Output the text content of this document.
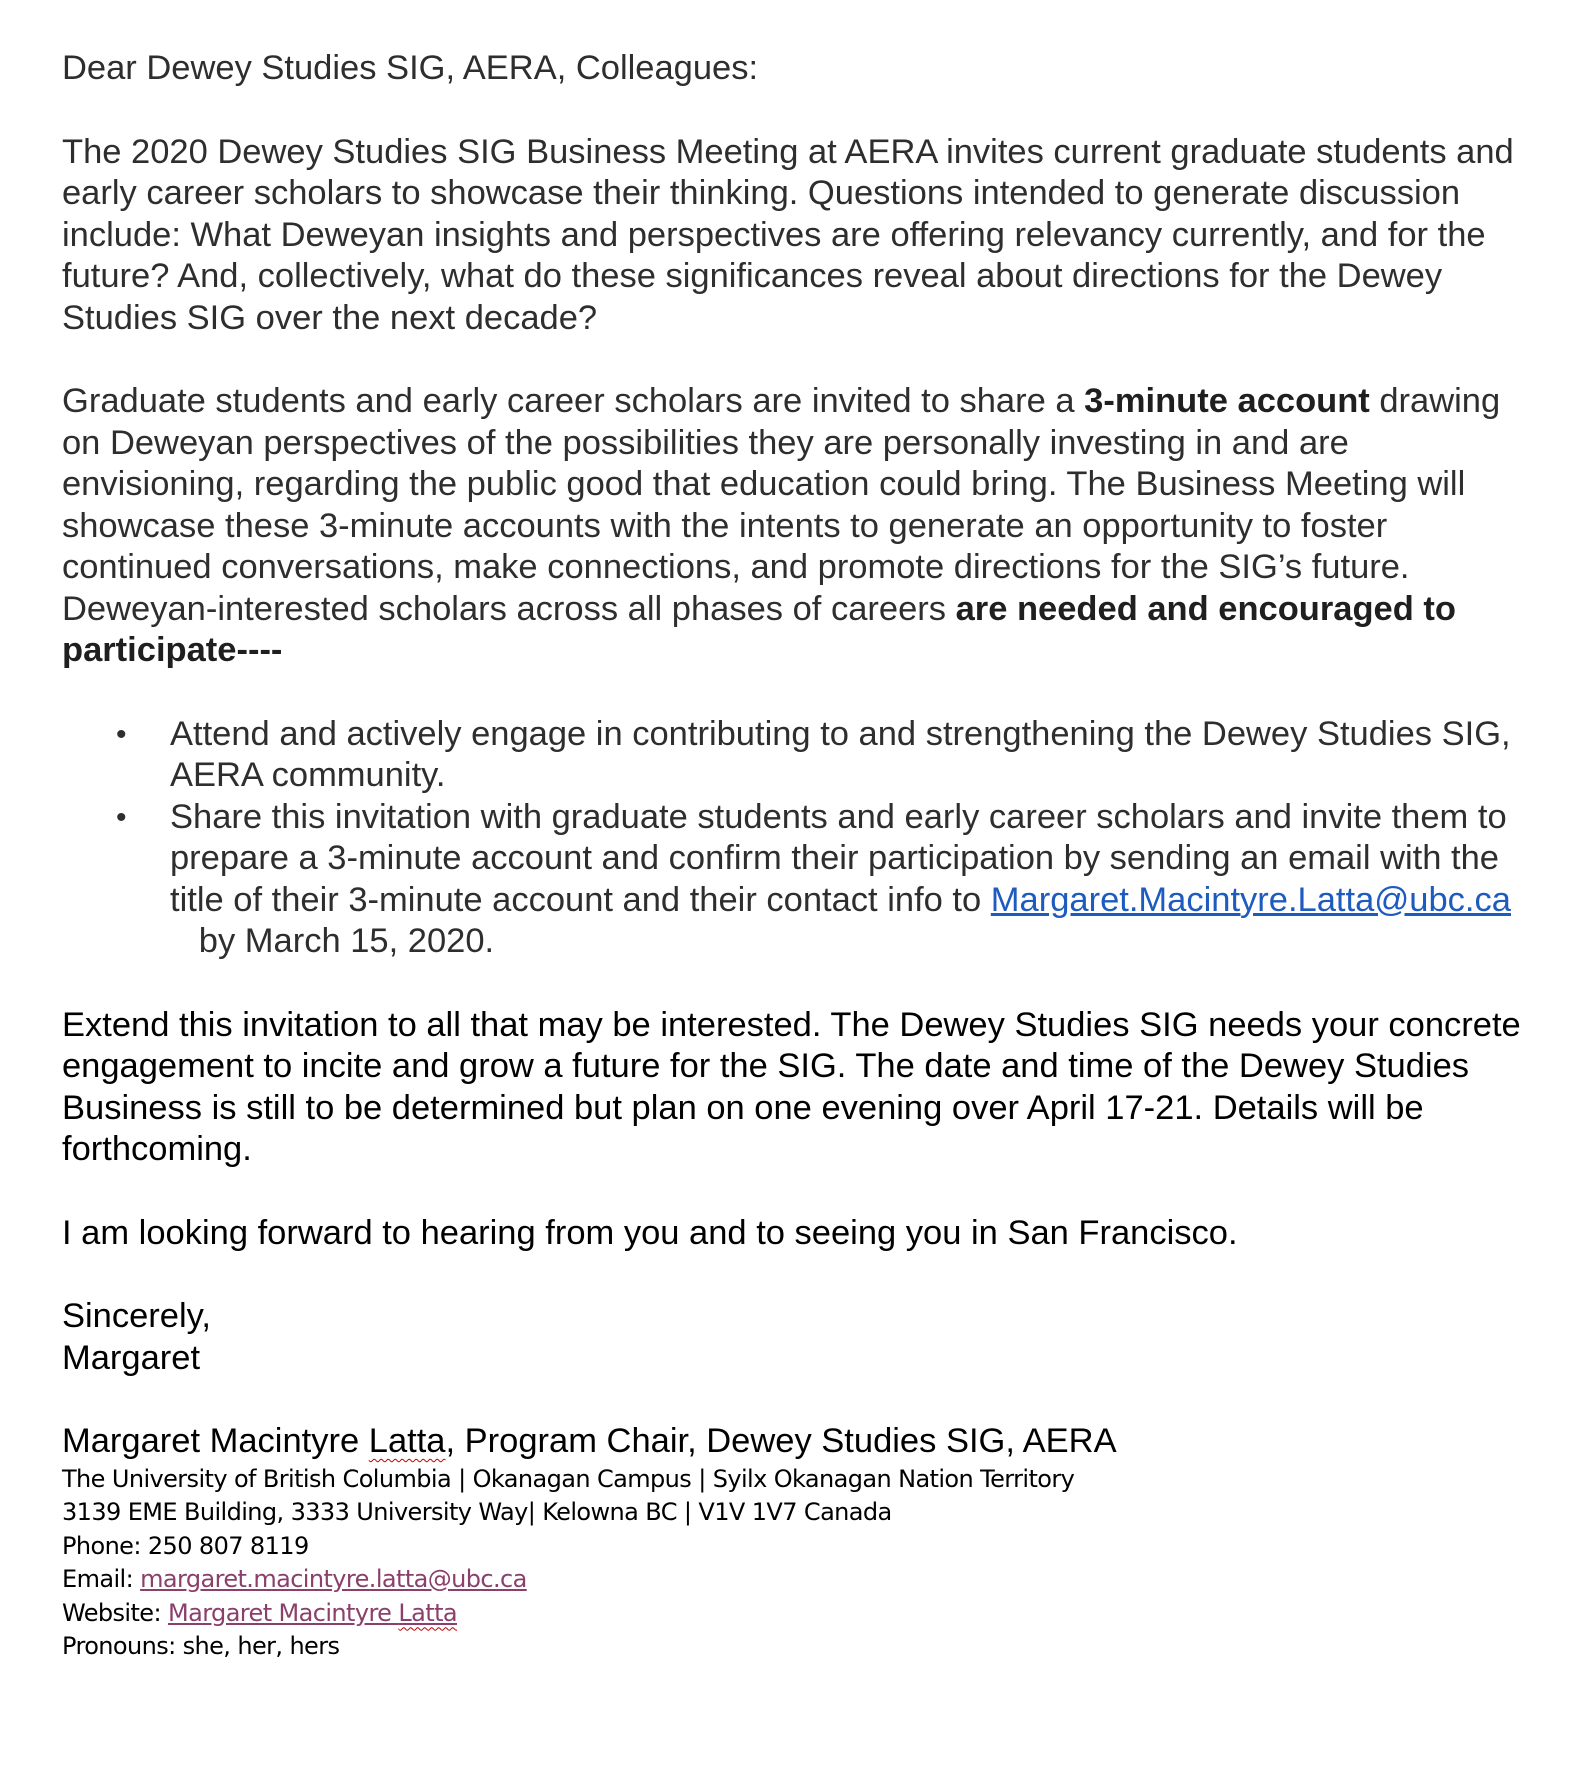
Dear Dewey Studies SIG, AERA, Colleagues:

The 2020 Dewey Studies SIG Business Meeting at AERA invites current graduate students and early career scholars to showcase their thinking. Questions intended to generate discussion include: What Deweyan insights and perspectives are offering relevancy currently, and for the future? And, collectively, what do these significances reveal about directions for the Dewey Studies SIG over the next decade?

Graduate students and early career scholars are invited to share a 3-minute account drawing on Deweyan perspectives of the possibilities they are personally investing in and are envisioning, regarding the public good that education could bring. The Business Meeting will showcase these 3-minute accounts with the intents to generate an opportunity to foster continued conversations, make connections, and promote directions for the SIG’s future. Deweyan-interested scholars across all phases of careers are needed and encouraged to participate----

• Attend and actively engage in contributing to and strengthening the Dewey Studies SIG, AERA community.
• Share this invitation with graduate students and early career scholars and invite them to prepare a 3-minute account and confirm their participation by sending an email with the title of their 3-minute account and their contact info to Margaret.Macintyre.Latta@ubc.ca   by March 15, 2020.

Extend this invitation to all that may be interested. The Dewey Studies SIG needs your concrete engagement to incite and grow a future for the SIG. The date and time of the Dewey Studies Business is still to be determined but plan on one evening over April 17-21. Details will be forthcoming.

I am looking forward to hearing from you and to seeing you in San Francisco.

Sincerely,

Margaret

Margaret Macintyre Latta, Program Chair, Dewey Studies SIG, AERA

The University of British Columbia | Okanagan Campus | Syilx Okanagan Nation Territory

3139 EME Building, 3333 University Way| Kelowna BC | V1V 1V7 Canada

Phone: 250 807 8119

Email: margaret.macintyre.latta@ubc.ca

Website: Margaret Macintyre Latta

Pronouns: she, her, hers
